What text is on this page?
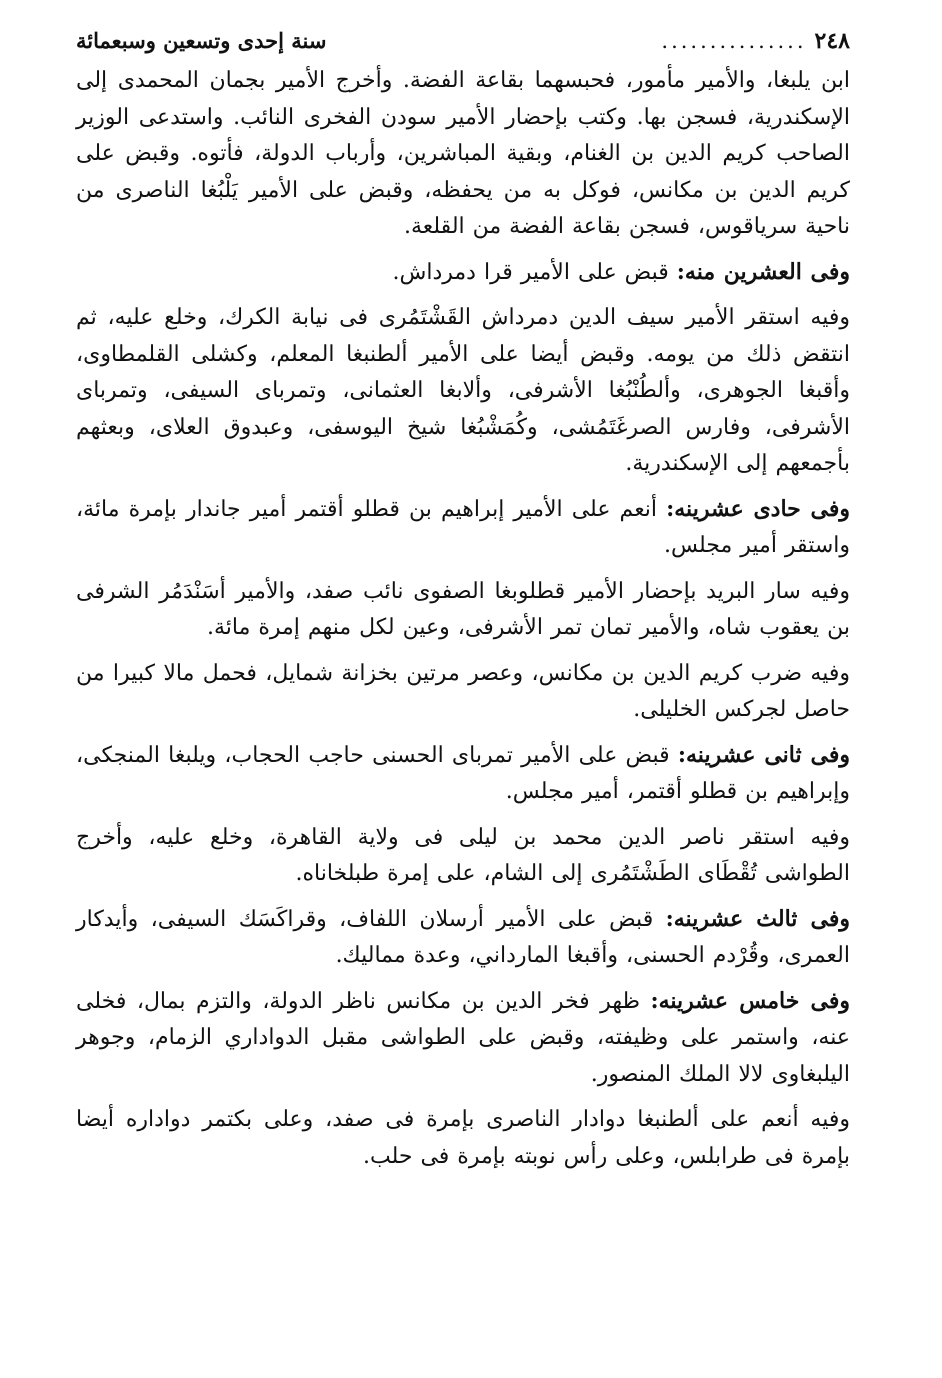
٢٤٨
...............
سنة إحدى وتسعين وسبعمائة

ابن يلبغا، والأمير مأمور، فحبسهما بقاعة الفضة. وأخرج الأمير بجمان المحمدى إلى الإسكندرية، فسجن بها. وكتب بإحضار الأمير سودن الفخرى النائب. واستدعى الوزير الصاحب كريم الدين بن الغنام، وبقية المباشرين، وأرباب الدولة، فأتوه. وقبض على كريم الدين بن مكانس، فوكل به من يحفظه، وقبض على الأمير يَلْبُغا الناصرى من ناحية سرياقوس، فسجن بقاعة الفضة من القلعة.

وفى العشرين منه: قبض على الأمير قرا دمرداش.

وفيه استقر الأمير سيف الدين دمرداش القَشْتَمُرى فى نيابة الكرك، وخلع عليه، ثم انتقض ذلك من يومه. وقبض أيضا على الأمير ألطنبغا المعلم، وكشلى القلمطاوى، وأقبغا الجوهرى، وألطُنْبُغا الأشرفى، وألابغا العثمانى، وتمرباى السيفى، وتمرباى الأشرفى، وفارس الصرغَتَمُشى، وكُمَشْبُغا شيخ اليوسفى، وعبدوق العلاى، وبعثهم بأجمعهم إلى الإسكندرية.

وفى حادى عشرينه: أنعم على الأمير إبراهيم بن قطلو أقتمر أمير جاندار بإمرة مائة، واستقر أمير مجلس.

وفيه سار البريد بإحضار الأمير قطلوبغا الصفوى نائب صفد، والأمير أسَنْدَمُر الشرفى بن يعقوب شاه، والأمير تمان تمر الأشرفى، وعين لكل منهم إمرة مائة.

وفيه ضرب كريم الدين بن مكانس، وعصر مرتين بخزانة شمايل، فحمل مالا كبيرا من حاصل لجركس الخليلى.

وفى ثانى عشرينه: قبض على الأمير تمرباى الحسنى حاجب الحجاب، ويلبغا المنجكى، وإبراهيم بن قطلو أقتمر، أمير مجلس.

وفيه استقر ناصر الدين محمد بن ليلى فى ولاية القاهرة، وخلع عليه، وأخرج الطواشى تُقْطَاى الطَشْتَمُرى إلى الشام، على إمرة طبلخاناه.

وفى ثالث عشرينه: قبض على الأمير أرسلان اللفاف، وقراكَسَك السيفى، وأيدكار العمرى، وقُرْدم الحسنى، وأقبغا المارداني، وعدة مماليك.

وفى خامس عشرينه: ظهر فخر الدين بن مكانس ناظر الدولة، والتزم بمال، فخلى عنه، واستمر على وظيفته، وقبض على الطواشى مقبل الدواداري الزمام، وجوهر اليلبغاوى لالا الملك المنصور.

وفيه أنعم على ألطنبغا دوادار الناصرى بإمرة فى صفد، وعلى بكتمر دواداره أيضا بإمرة فى طرابلس، وعلى رأس نوبته بإمرة فى حلب.
